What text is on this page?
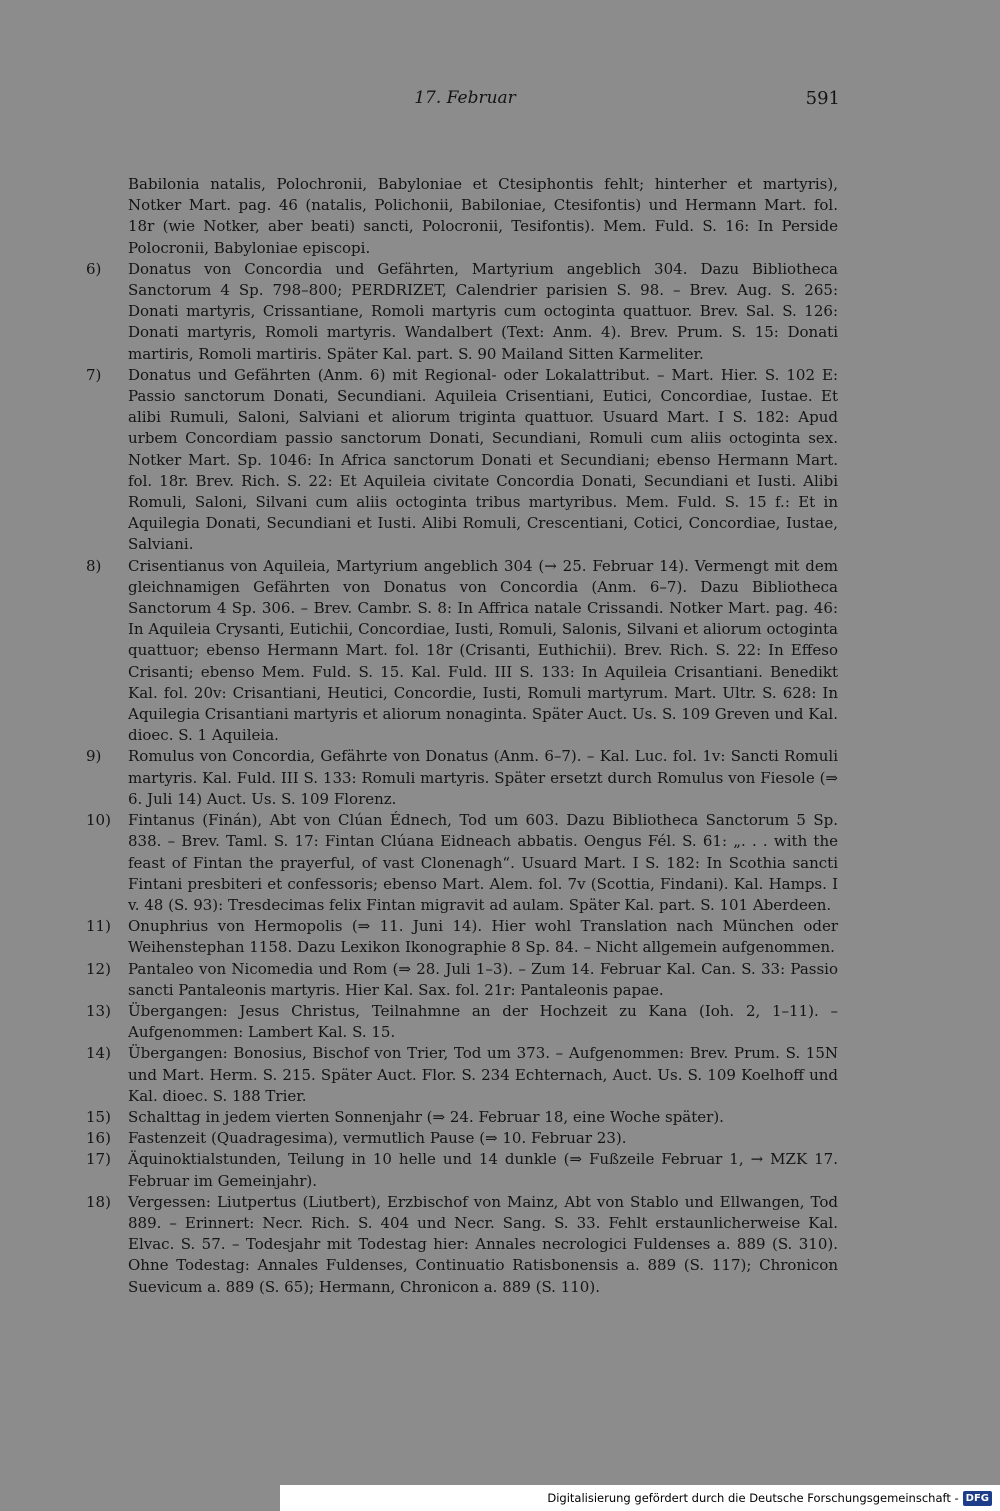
17. Februar	591
Babilonia natalis, Polochronii, Babyloniae et Ctesiphontis fehlt; hinterher et martyris), Notker Mart. pag. 46 (natalis, Polichonii, Babiloniae, Ctesifontis) und Hermann Mart. fol. 18r (wie Notker, aber beati) sancti, Polocronii, Tesifontis). Mem. Fuld. S. 16: In Perside Polocronii, Babyloniae episcopi.
6) Donatus von Concordia und Gefährten, Martyrium angeblich 304. Dazu Bibliotheca Sanctorum 4 Sp. 798–800; PERDRIZET, Calendrier parisien S. 98. – Brev. Aug. S. 265: Donati martyris, Crissantiane, Romoli martyris cum octoginta quattuor. Brev. Sal. S. 126: Donati martyris, Romoli martyris. Wandalbert (Text: Anm. 4). Brev. Prum. S. 15: Donati martiris, Romoli martiris. Später Kal. part. S. 90 Mailand Sitten Karmeliter.
7) Donatus und Gefährten (Anm. 6) mit Regional- oder Lokalattribut. – Mart. Hier. S. 102 E: Passio sanctorum Donati, Secundiani. Aquileia Crisentiani, Eutici, Concordiae, Iustae. Et alibi Rumuli, Saloni, Salviani et aliorum triginta quattuor. Usuard Mart. I S. 182: Apud urbem Concordiam passio sanctorum Donati, Secundiani, Romuli cum aliis octoginta sex. Notker Mart. Sp. 1046: In Africa sanctorum Donati et Secundiani; ebenso Hermann Mart. fol. 18r. Brev. Rich. S. 22: Et Aquileia civitate Concordia Donati, Secundiani et Iusti. Alibi Romuli, Saloni, Silvani cum aliis octoginta tribus martyribus. Mem. Fuld. S. 15 f.: Et in Aquilegia Donati, Secundiani et Iusti. Alibi Romuli, Crescentiani, Cotici, Concordiae, Iustae, Salviani.
8) Crisentianus von Aquileia, Martyrium angeblich 304 (→ 25. Februar 14). Vermengt mit dem gleichnamigen Gefährten von Donatus von Concordia (Anm. 6–7). Dazu Bibliotheca Sanctorum 4 Sp. 306. – Brev. Cambr. S. 8: In Affrica natale Crissandi. Notker Mart. pag. 46: In Aquileia Crysanti, Eutichii, Concordiae, Iusti, Romuli, Salonis, Silvani et aliorum octoginta quattuor; ebenso Hermann Mart. fol. 18r (Crisanti, Euthichii). Brev. Rich. S. 22: In Effeso Crisanti; ebenso Mem. Fuld. S. 15. Kal. Fuld. III S. 133: In Aquileia Crisantiani. Benedikt Kal. fol. 20v: Crisantiani, Heutici, Concordie, Iusti, Romuli martyrum. Mart. Ultr. S. 628: In Aquilegia Crisantiani martyris et aliorum nonaginta. Später Auct. Us. S. 109 Greven und Kal. dioec. S. 1 Aquileia.
9) Romulus von Concordia, Gefährte von Donatus (Anm. 6–7). – Kal. Luc. fol. 1v: Sancti Romuli martyris. Kal. Fuld. III S. 133: Romuli martyris. Später ersetzt durch Romulus von Fiesole (⇒ 6. Juli 14) Auct. Us. S. 109 Florenz.
10) Fintanus (Finán), Abt von Clúan Édnech, Tod um 603. Dazu Bibliotheca Sanctorum 5 Sp. 838. – Brev. Taml. S. 17: Fintan Clúana Eidneach abbatis. Oengus Fél. S. 61: „. . . with the feast of Fintan the prayerful, of vast Clonenagh“. Usuard Mart. I S. 182: In Scothia sancti Fintani presbiteri et confessoris; ebenso Mart. Alem. fol. 7v (Scottia, Findani). Kal. Hamps. I v. 48 (S. 93): Tresdecimas felix Fintan migravit ad aulam. Später Kal. part. S. 101 Aberdeen.
11) Onuphrius von Hermopolis (⇒ 11. Juni 14). Hier wohl Translation nach München oder Weihenstephan 1158. Dazu Lexikon Ikonographie 8 Sp. 84. – Nicht allgemein aufgenommen.
12) Pantaleo von Nicomedia und Rom (⇒ 28. Juli 1–3). – Zum 14. Februar Kal. Can. S. 33: Passio sancti Pantaleonis martyris. Hier Kal. Sax. fol. 21r: Pantaleonis papae.
13) Übergangen: Jesus Christus, Teilnahmne an der Hochzeit zu Kana (Ioh. 2, 1–11). – Aufgenommen: Lambert Kal. S. 15.
14) Übergangen: Bonosius, Bischof von Trier, Tod um 373. – Aufgenommen: Brev. Prum. S. 15N und Mart. Herm. S. 215. Später Auct. Flor. S. 234 Echternach, Auct. Us. S. 109 Koelhoff und Kal. dioec. S. 188 Trier.
15) Schalttag in jedem vierten Sonnenjahr (⇒ 24. Februar 18, eine Woche später).
16) Fastenzeit (Quadragesima), vermutlich Pause (⇒ 10. Februar 23).
17) Äquinoktialstunden, Teilung in 10 helle und 14 dunkle (⇒ Fußzeile Februar 1, → MZK 17. Februar im Gemeinjahr).
18) Vergessen: Liutpertus (Liutbert), Erzbischof von Mainz, Abt von Stablo und Ellwangen, Tod 889. – Erinnert: Necr. Rich. S. 404 und Necr. Sang. S. 33. Fehlt erstaunlicherweise Kal. Elvac. S. 57. – Todesjahr mit Todestag hier: Annales necrologici Fuldenses a. 889 (S. 310). Ohne Todestag: Annales Fuldenses, Continuatio Ratisbonensis a. 889 (S. 117); Chronicon Suevicum a. 889 (S. 65); Hermann, Chronicon a. 889 (S. 110).
Digitalisierung gefördert durch die Deutsche Forschungsgemeinschaft - DFG
